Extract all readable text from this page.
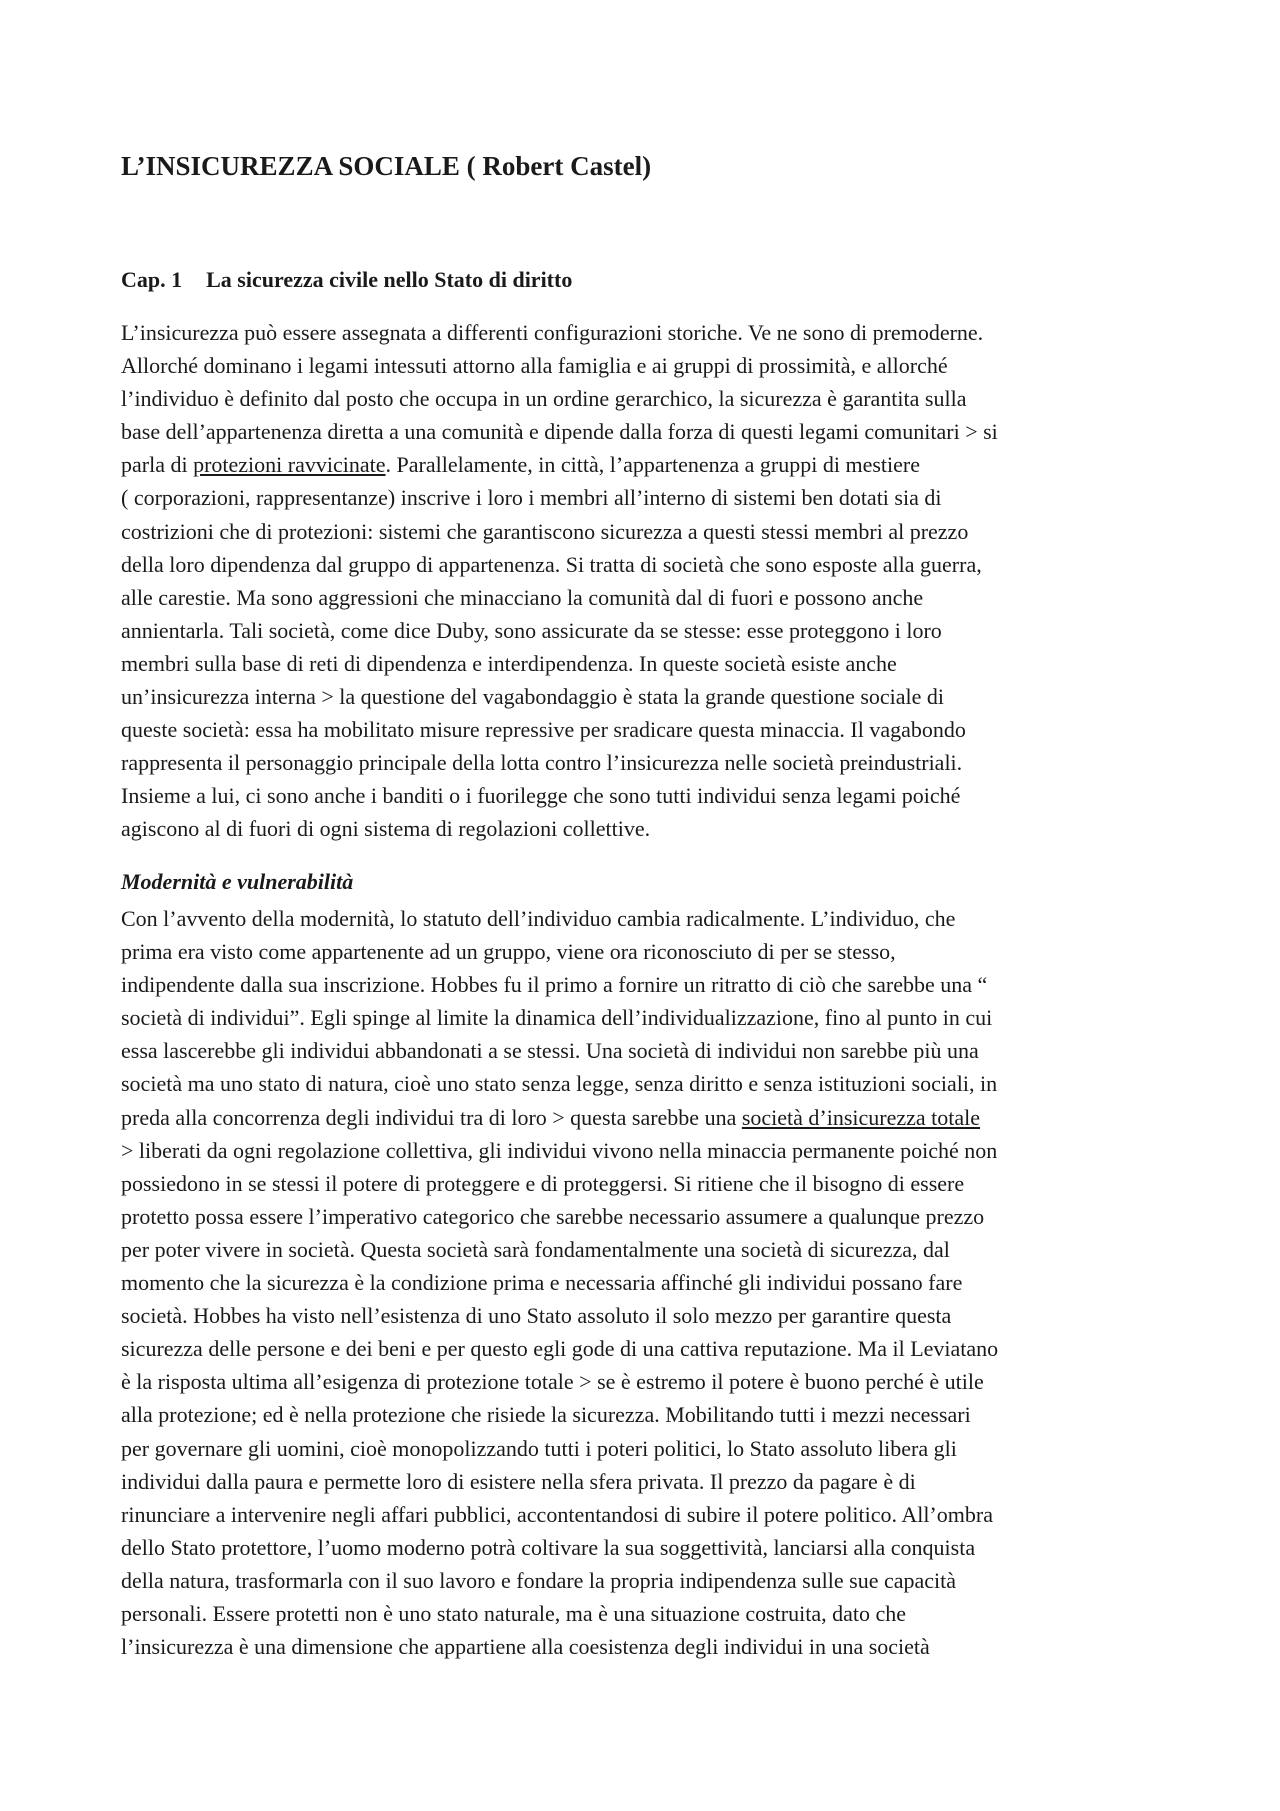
L’INSICUREZZA SOCIALE ( Robert Castel)
Cap. 1 La sicurezza civile nello Stato di diritto

L’insicurezza può essere assegnata a differenti configurazioni storiche. Ve ne sono di premoderne.
Allorché dominano i legami intessuti attorno alla famiglia e ai gruppi di prossimità, e allorché
l’individuo è definito dal posto che occupa in un ordine gerarchico, la sicurezza è garantita sulla
base dell’appartenenza diretta a una comunità e dipende dalla forza di questi legami comunitari > si
parla di protezioni ravvicinate. Parallelamente, in città, l’appartenenza a gruppi di mestiere
( corporazioni, rappresentanze) inscrive i loro i membri all’interno di sistemi ben dotati sia di
costrizioni che di protezioni: sistemi che garantiscono sicurezza a questi stessi membri al prezzo
della loro dipendenza dal gruppo di appartenenza. Si tratta di società che sono esposte alla guerra,
alle carestie. Ma sono aggressioni che minacciano la comunità dal di fuori e possono anche
annientarla. Tali società, come dice Duby, sono assicurate da se stesse: esse proteggono i loro
membri sulla base di reti di dipendenza e interdipendenza. In queste società esiste anche
un’insicurezza interna > la questione del vagabondaggio è stata la grande questione sociale di
queste società: essa ha mobilitato misure repressive per sradicare questa minaccia. Il vagabondo
rappresenta il personaggio principale della lotta contro l’insicurezza nelle società preindustriali.
Insieme a lui, ci sono anche i banditi o i fuorilegge che sono tutti individui senza legami poiché
agiscono al di fuori di ogni sistema di regolazioni collettive.

Modernità e vulnerabilità

Con l’avvento della modernità, lo statuto dell’individuo cambia radicalmente. L’individuo, che
prima era visto come appartenente ad un gruppo, viene ora riconosciuto di per se stesso,
indipendente dalla sua inscrizione. Hobbes fu il primo a fornire un ritratto di ciò che sarebbe una “
società di individui”. Egli spinge al limite la dinamica dell’individualizzazione, fino al punto in cui
essa lascerebbe gli individui abbandonati a se stessi. Una società di individui non sarebbe più una
società ma uno stato di natura, cioè uno stato senza legge, senza diritto e senza istituzioni sociali, in
preda alla concorrenza degli individui tra di loro > questa sarebbe una società d’insicurezza totale
> liberati da ogni regolazione collettiva, gli individui vivono nella minaccia permanente poiché non
possiedono in se stessi il potere di proteggere e di proteggersi. Si ritiene che il bisogno di essere
protetto possa essere l’imperativo categorico che sarebbe necessario assumere a qualunque prezzo
per poter vivere in società. Questa società sarà fondamentalmente una società di sicurezza, dal
momento che la sicurezza è la condizione prima e necessaria affinché gli individui possano fare
società. Hobbes ha visto nell’esistenza di uno Stato assoluto il solo mezzo per garantire questa
sicurezza delle persone e dei beni e per questo egli gode di una cattiva reputazione. Ma il Leviatano
è la risposta ultima all’esigenza di protezione totale > se è estremo il potere è buono perché è utile
alla protezione; ed è nella protezione che risiede la sicurezza. Mobilitando tutti i mezzi necessari
per governare gli uomini, cioè monopolizzando tutti i poteri politici, lo Stato assoluto libera gli
individui dalla paura e permette loro di esistere nella sfera privata. Il prezzo da pagare è di
rinunciare a intervenire negli affari pubblici, accontentandosi di subire il potere politico. All’ombra
dello Stato protettore, l’uomo moderno potrà coltivare la sua soggettività, lanciarsi alla conquista
della natura, trasformarla con il suo lavoro e fondare la propria indipendenza sulle sue capacità
personali. Essere protetti non è uno stato naturale, ma è una situazione costruita, dato che
l’insicurezza è una dimensione che appartiene alla coesistenza degli individui in una società
